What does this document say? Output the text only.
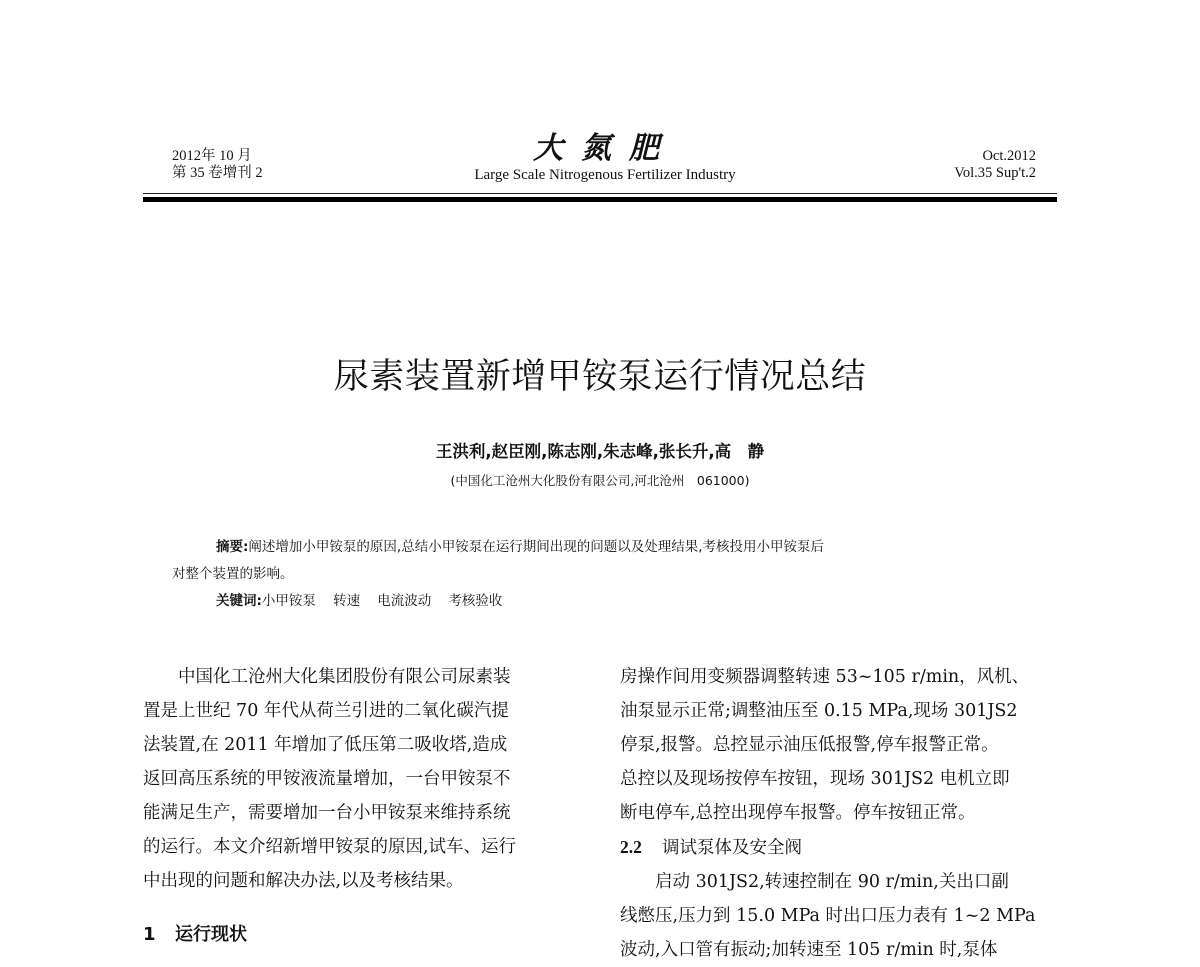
2012年 10 月
第 35 卷增刊 2
大氮肥
Large Scale Nitrogenous Fertilizer Industry
Oct.2012
Vol.35 Sup't.2
尿素装置新增甲铵泵运行情况总结
王洪利,赵臣刚,陈志刚,朱志峰,张长升,高　静
(中国化工沧州大化股份有限公司,河北沧州　061000)
摘要:阐述增加小甲铵泵的原因,总结小甲铵泵在运行期间出现的问题以及处理结果,考核投用小甲铵泵后
对整个装置的影响。
关键词:小甲铵泵 转速 电流波动 考核验收
中国化工沧州大化集团股份有限公司尿素装
置是上世纪 70 年代从荷兰引进的二氧化碳汽提
法装置,在 2011 年增加了低压第二吸收塔,造成
返回高压系统的甲铵液流量增加，一台甲铵泵不
能满足生产，需要增加一台小甲铵泵来维持系统
的运行。本文介绍新增甲铵泵的原因,试车、运行
中出现的问题和解决办法,以及考核结果。
1 运行现状
房操作间用变频器调整转速 53~105 r/min，风机、
油泵显示正常;调整油压至 0.15 MPa,现场 301JS2
停泵,报警。总控显示油压低报警,停车报警正常。
总控以及现场按停车按钮，现场 301JS2 电机立即
断电停车,总控出现停车报警。停车按钮正常。
2.2 调试泵体及安全阀
启动 301JS2,转速控制在 90 r/min,关出口副
线憋压,压力到 15.0 MPa 时出口压力表有 1~2 MPa
波动,入口管有振动;加转速至 105 r/min 时,泵体
